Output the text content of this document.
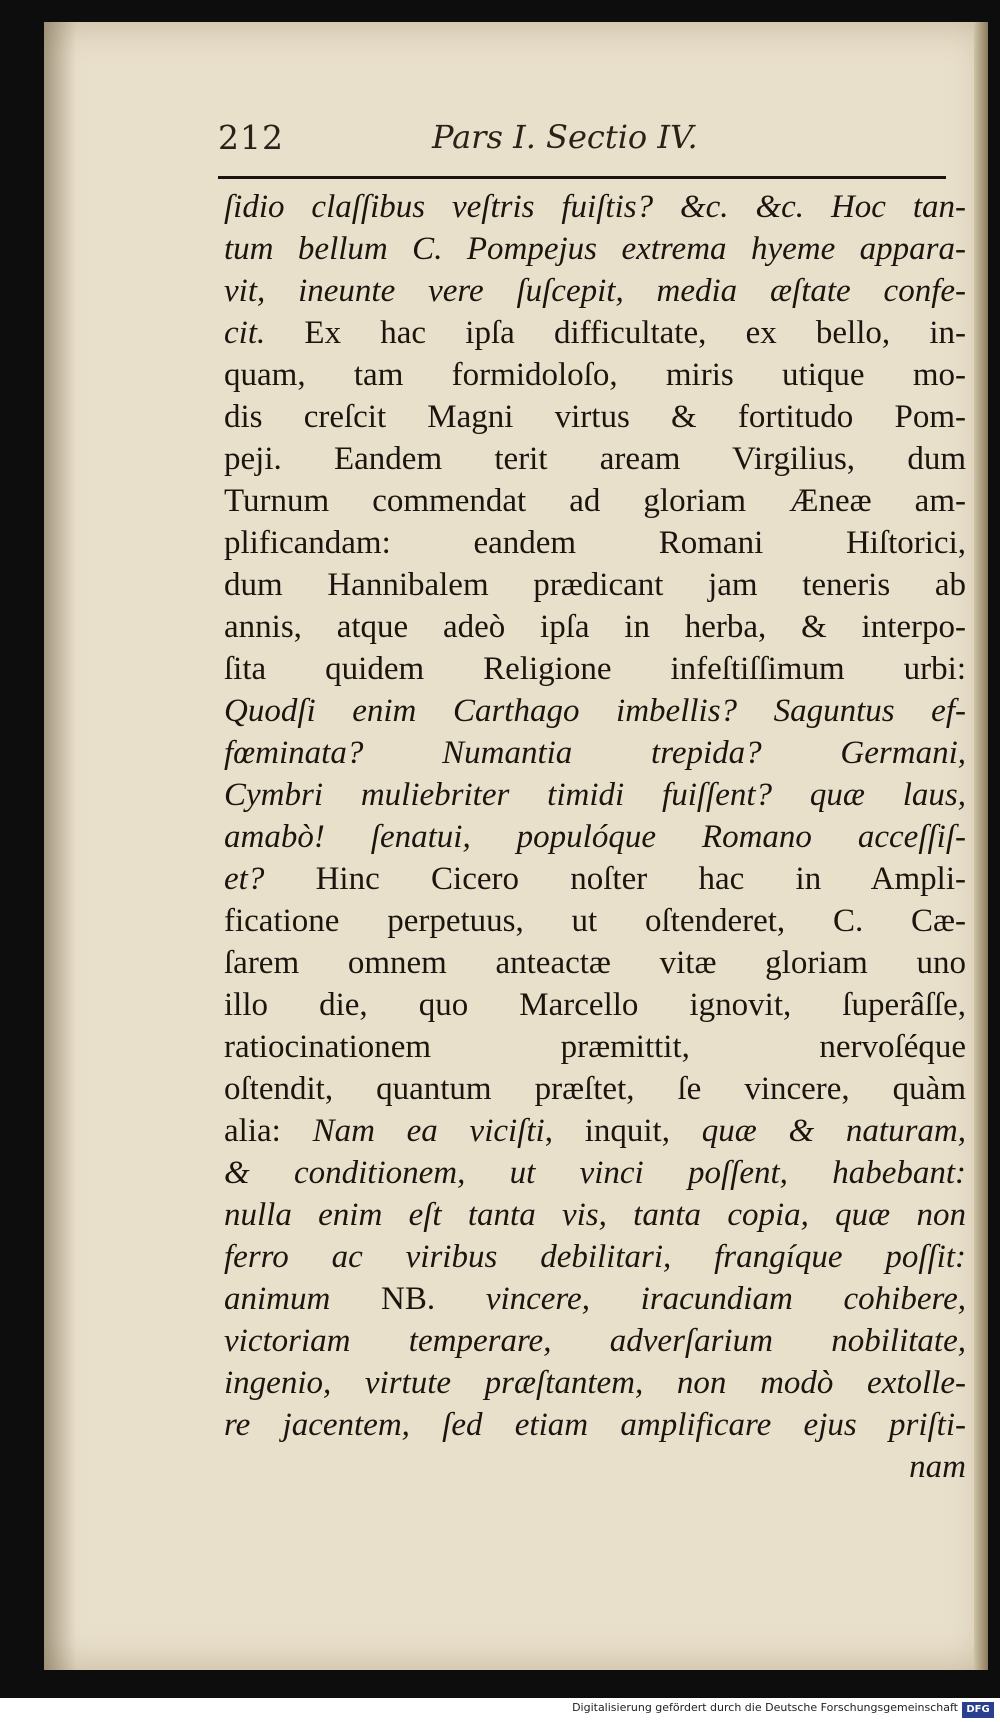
212	Pars I. Sectio IV.
ſidio claſſibus veſtris fuiſtis? &c. &c. Hoc tan-
tum bellum C. Pompejus extrema hyeme appara-
vit, ineunte vere ſuſcepit, media æſtate confe-
cit. Ex hac ipſa difficultate, ex bello, in-
quam, tam formidoloſo, miris utique mo-
dis creſcit Magni virtus & fortitudo Pom-
peji. Eandem terit aream Virgilius, dum
Turnum commendat ad gloriam Æneæ am-
plificandam: eandem Romani Hiſtorici,
dum Hannibalem prædicant jam teneris ab
annis, atque adeò ipſa in herba, & interpo-
ſita quidem Religione infeſtiſſimum urbi:
Quodſi enim Carthago imbellis? Saguntus ef-
fœminata? Numantia trepida? Germani,
Cymbri muliebriter timidi fuiſſent? quæ laus,
amabò! ſenatui, populóque Romano acceſſiſ-
et? Hinc Cicero noſter hac in Ampli-
ficatione perpetuus, ut oſtenderet, C. Cæ-
ſarem omnem anteactæ vitæ gloriam uno
illo die, quo Marcello ignovit, ſuperâſſe,
ratiocinationem præmittit, nervoſéque
oſtendit, quantum præſtet, ſe vincere, quàm
alia: Nam ea viciſti, inquit, quæ & naturam,
& conditionem, ut vinci poſſent, habebant:
nulla enim eſt tanta vis, tanta copia, quæ non
ferro ac viribus debilitari, frangíque poſſit:
animum NB. vincere, iracundiam cohibere,
victoriam temperare, adverſarium nobilitate,
ingenio, virtute præſtantem, non modò extolle-
re jacentem, ſed etiam amplificare ejus priſti-
nam
Digitalisierung gefördert durch die Deutsche Forschungsgemeinschaft DFG
